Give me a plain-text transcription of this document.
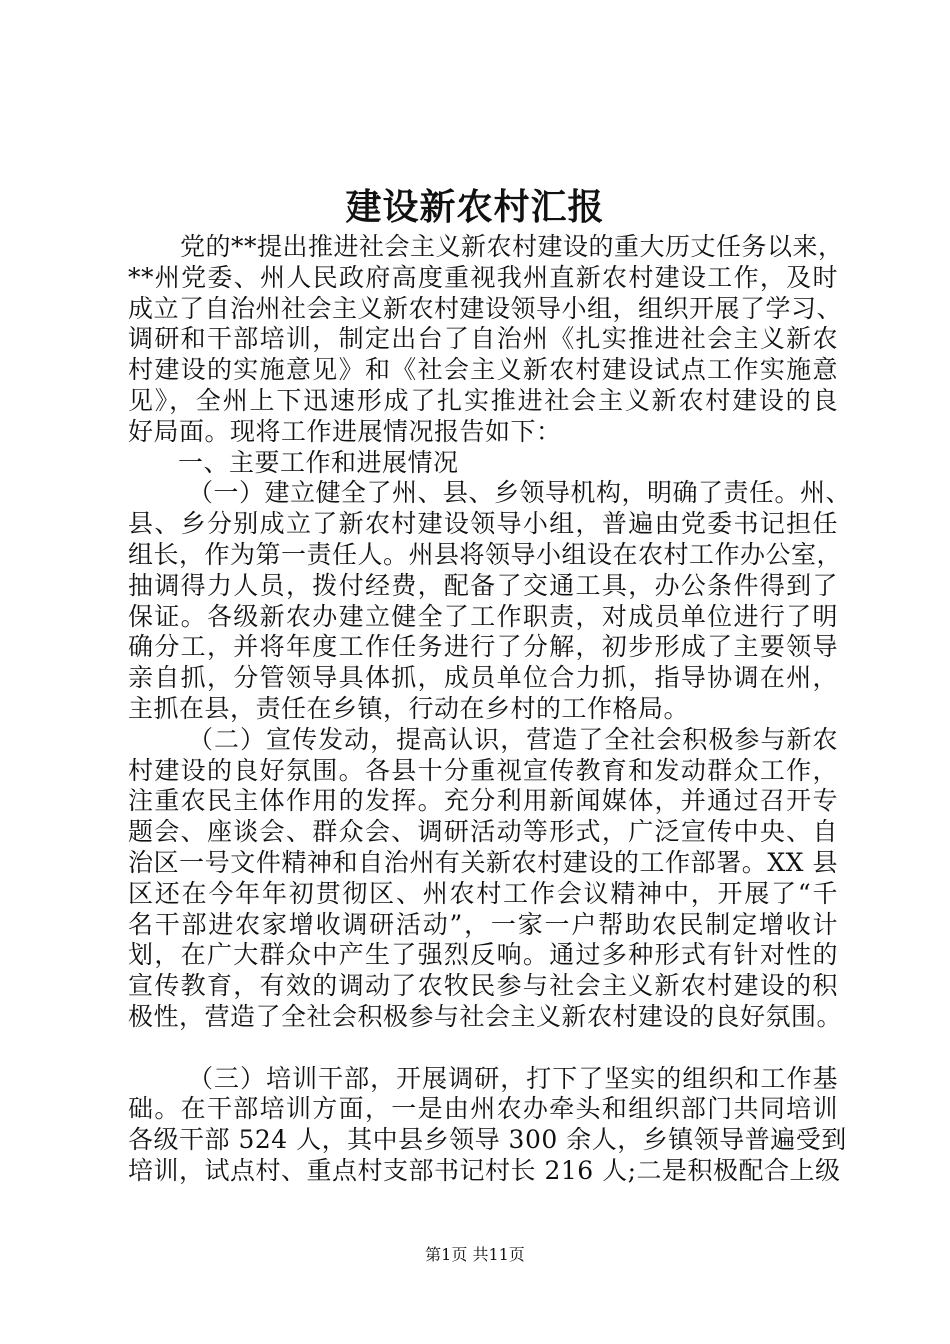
建设新农村汇报
党的**提出推进社会主义新农村建设的重大历丈任务以来，
**州党委、州人民政府高度重视我州直新农村建设工作，及时
成立了自治州社会主义新农村建设领导小组，组织开展了学习、
调研和干部培训，制定出台了自治州《扎实推进社会主义新农
村建设的实施意见》和《社会主义新农村建设试点工作实施意
见》，全州上下迅速形成了扎实推进社会主义新农村建设的良
好局面。现将工作进展情况报告如下：
一、主要工作和进展情况
（一）建立健全了州、县、乡领导机构，明确了责任。州、
县、乡分别成立了新农村建设领导小组，普遍由党委书记担任
组长，作为第一责任人。州县将领导小组设在农村工作办公室，
抽调得力人员，拨付经费，配备了交通工具，办公条件得到了
保证。各级新农办建立健全了工作职责，对成员单位进行了明
确分工，并将年度工作任务进行了分解，初步形成了主要领导
亲自抓，分管领导具体抓，成员单位合力抓，指导协调在州，
主抓在县，责任在乡镇，行动在乡村的工作格局。
（二）宣传发动，提高认识，营造了全社会积极参与新农
村建设的良好氛围。各县十分重视宣传教育和发动群众工作，
注重农民主体作用的发挥。充分利用新闻媒体，并通过召开专
题会、座谈会、群众会、调研活动等形式，广泛宣传中央、自
治区一号文件精神和自治州有关新农村建设的工作部署。XX 县
区还在今年年初贯彻区、州农村工作会议精神中，开展了“千
名干部进农家增收调研活动”，一家一户帮助农民制定增收计
划，在广大群众中产生了强烈反响。通过多种形式有针对性的
宣传教育，有效的调动了农牧民参与社会主义新农村建设的积
极性，营造了全社会积极参与社会主义新农村建设的良好氛围。
（三）培训干部，开展调研，打下了坚实的组织和工作基
础。在干部培训方面，一是由州农办牵头和组织部门共同培训
各级干部 524 人，其中县乡领导 300 余人，乡镇领导普遍受到
培训，试点村、重点村支部书记村长 216 人;二是积极配合上级
第1页 共11页
